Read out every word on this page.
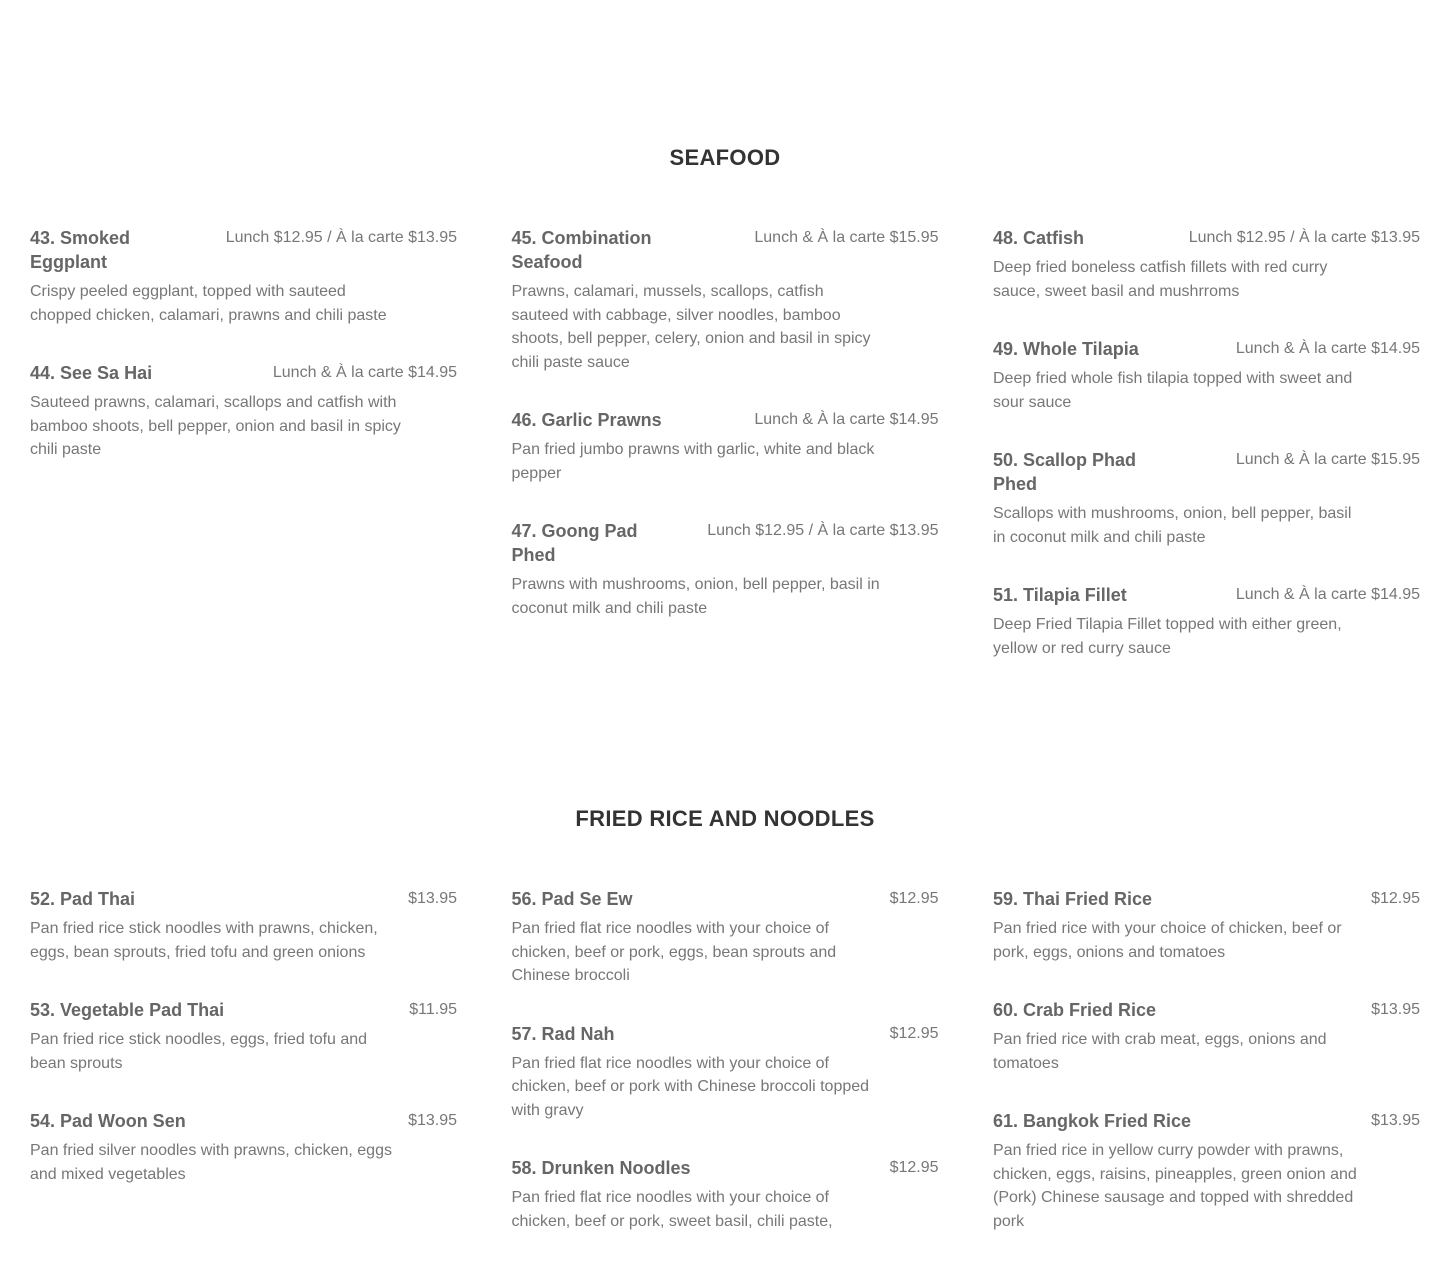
SEAFOOD
43. Smoked Eggplant
Lunch $12.95 / À la carte $13.95
Crispy peeled eggplant, topped with sauteed chopped chicken, calamari, prawns and chili paste
44. See Sa Hai	Lunch & À la carte $14.95
Sauteed prawns, calamari, scallops and catfish with bamboo shoots, bell pepper, onion and basil in spicy chili paste
45. Combination Seafood
Lunch & À la carte $15.95
Prawns, calamari, mussels, scallops, catfish sauteed with cabbage, silver noodles, bamboo shoots, bell pepper, celery, onion and basil in spicy chili paste sauce
46. Garlic Prawns	Lunch & À la carte $14.95
Pan fried jumbo prawns with garlic, white and black pepper
47. Goong Pad Phed
Lunch $12.95 / À la carte $13.95
Prawns with mushrooms, onion, bell pepper, basil in coconut milk and chili paste
48. Catfish	Lunch $12.95 / À la carte $13.95
Deep fried boneless catfish fillets with red curry sauce, sweet basil and mushrroms
49. Whole Tilapia	Lunch & À la carte $14.95
Deep fried whole fish tilapia topped with sweet and sour sauce
50. Scallop Phad Phed
Lunch & À la carte $15.95
Scallops with mushrooms, onion, bell pepper, basil in coconut milk and chili paste
51. Tilapia Fillet	Lunch & À la carte $14.95
Deep Fried Tilapia Fillet topped with either green, yellow or red curry sauce
FRIED RICE AND NOODLES
52. Pad Thai	$13.95
Pan fried rice stick noodles with prawns, chicken, eggs, bean sprouts, fried tofu and green onions
53. Vegetable Pad Thai	$11.95
Pan fried rice stick noodles, eggs, fried tofu and bean sprouts
54. Pad Woon Sen	$13.95
Pan fried silver noodles with prawns, chicken, eggs and mixed vegetables
56. Pad Se Ew	$12.95
Pan fried flat rice noodles with your choice of chicken, beef or pork, eggs, bean sprouts and Chinese broccoli
57. Rad Nah	$12.95
Pan fried flat rice noodles with your choice of chicken, beef or pork with Chinese broccoli topped with gravy
58. Drunken Noodles	$12.95
Pan fried flat rice noodles with your choice of chicken, beef or pork, sweet basil, chili paste,
59. Thai Fried Rice	$12.95
Pan fried rice with your choice of chicken, beef or pork, eggs, onions and tomatoes
60. Crab Fried Rice	$13.95
Pan fried rice with crab meat, eggs, onions and tomatoes
61. Bangkok Fried Rice	$13.95
Pan fried rice in yellow curry powder with prawns, chicken, eggs, raisins, pineapples, green onion and (Pork) Chinese sausage and topped with shredded pork
